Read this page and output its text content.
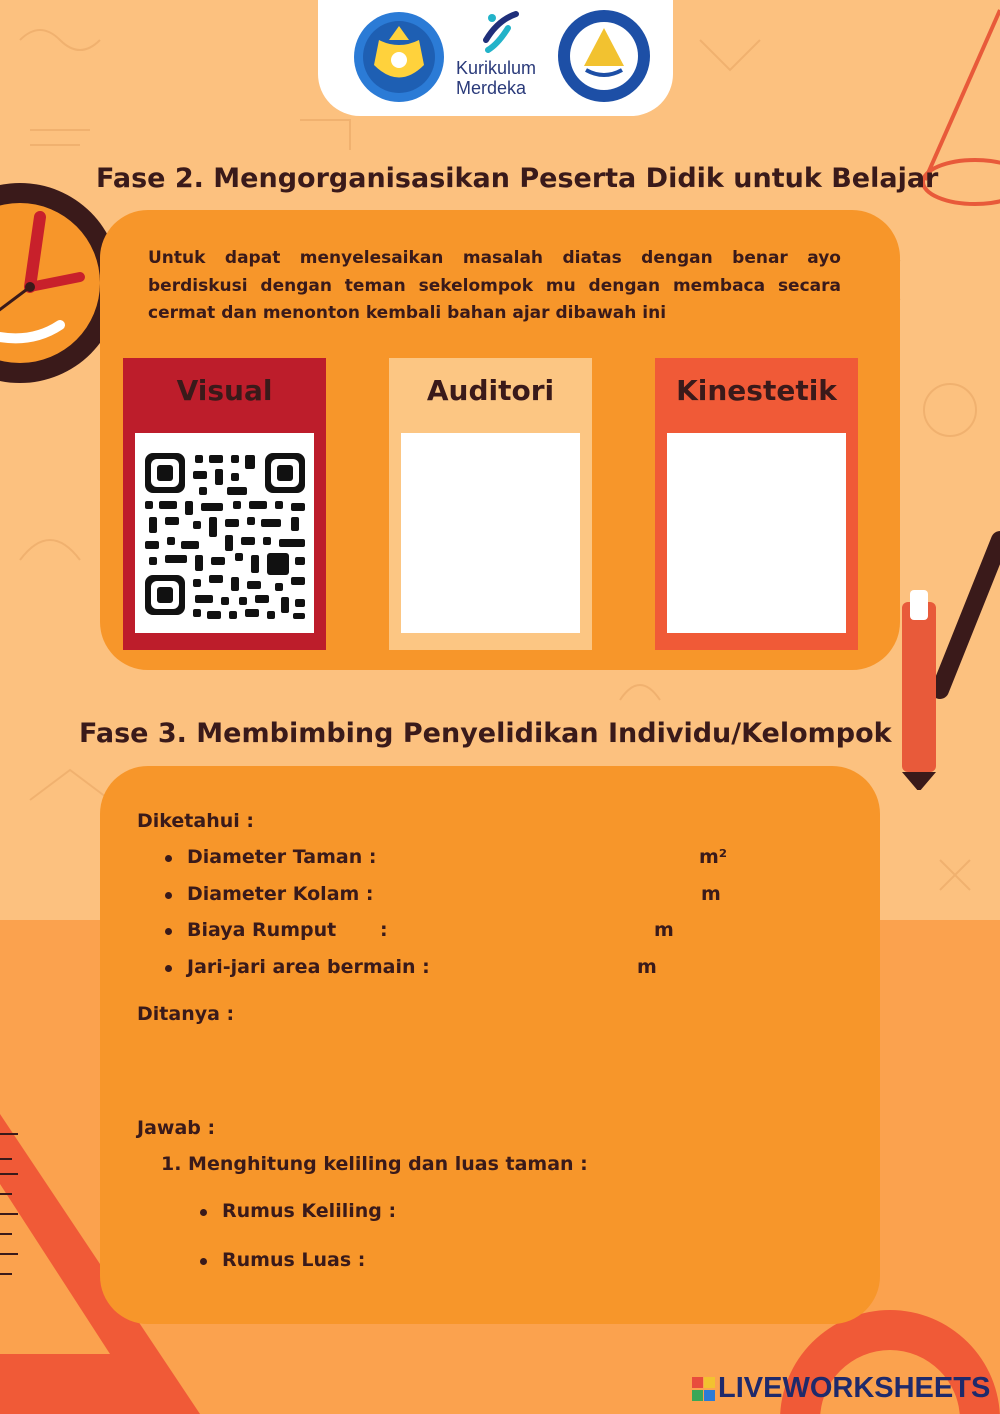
Kurikulum
Merdeka
Fase 2. Mengorganisasikan Peserta Didik untuk Belajar
Untuk dapat menyelesaikan masalah diatas dengan benar ayo berdiskusi dengan teman sekelompok mu dengan membaca secara cermat dan menonton kembali bahan ajar dibawah ini
Visual	Auditori	Kinestetik
Fase 3. Membimbing Penyelidikan Individu/Kelompok
Diketahui :
Diameter Taman :	m²
Diameter Kolam :	m
Biaya Rumput :	m
Jari-jari area bermain :	m
Ditanya :
Jawab :
1. Menghitung keliling dan luas taman :
Rumus Keliling :
Rumus Luas :
LIVEWORKSHEETS
